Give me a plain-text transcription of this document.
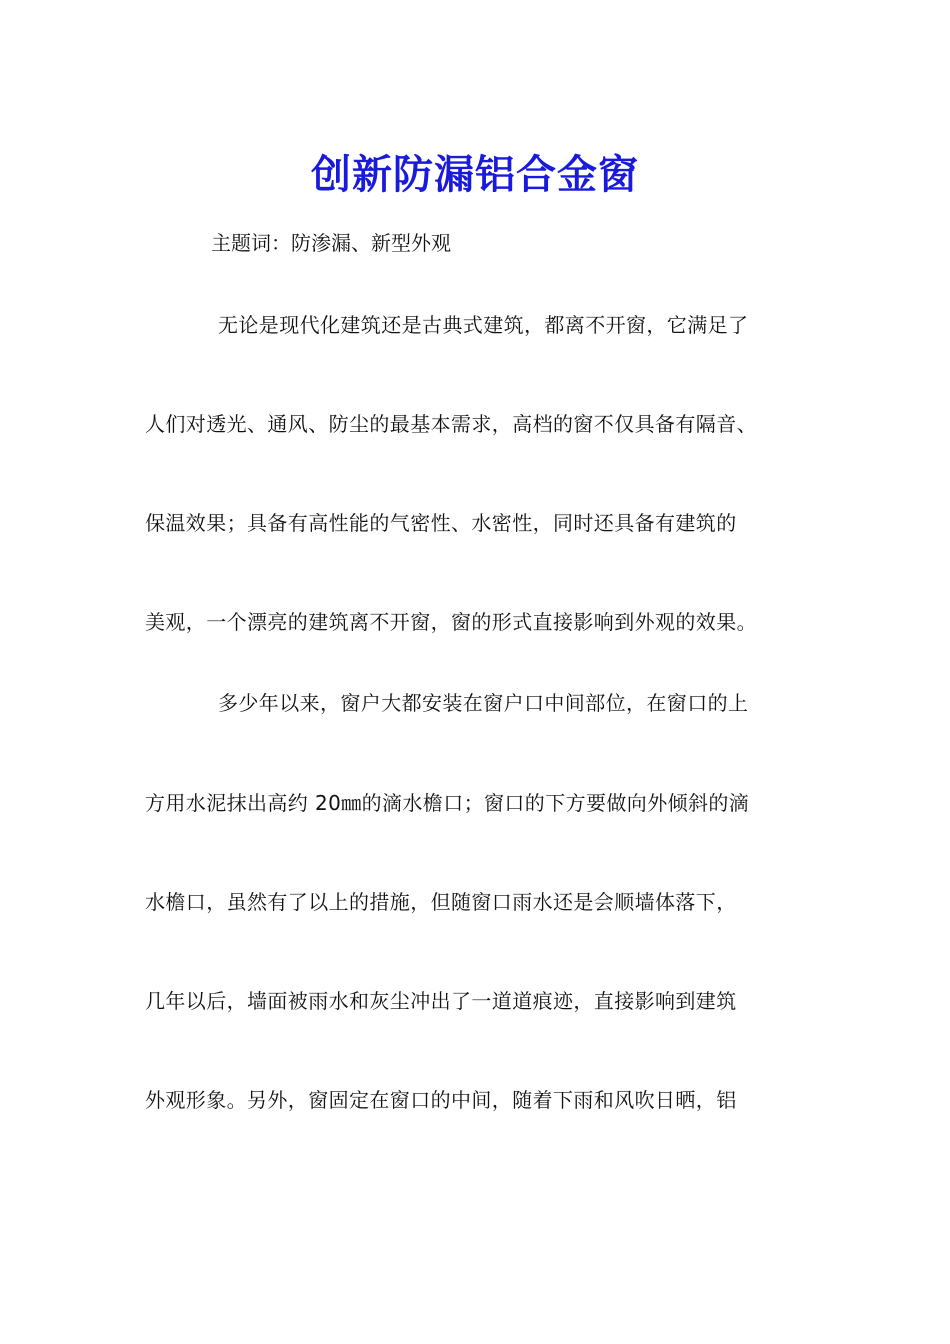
创新防漏铝合金窗
主题词：防渗漏、新型外观
无论是现代化建筑还是古典式建筑，都离不开窗，它满足了
人们对透光、通风、防尘的最基本需求，高档的窗不仅具备有隔音、
保温效果；具备有高性能的气密性、水密性，同时还具备有建筑的
美观，一个漂亮的建筑离不开窗，窗的形式直接影响到外观的效果。
多少年以来，窗户大都安装在窗户口中间部位，在窗口的上
方用水泥抹出高约 20㎜的滴水檐口；窗口的下方要做向外倾斜的滴
水檐口，虽然有了以上的措施，但随窗口雨水还是会顺墙体落下，
几年以后，墙面被雨水和灰尘冲出了一道道痕迹，直接影响到建筑
外观形象。另外，窗固定在窗口的中间，随着下雨和风吹日晒，铝
